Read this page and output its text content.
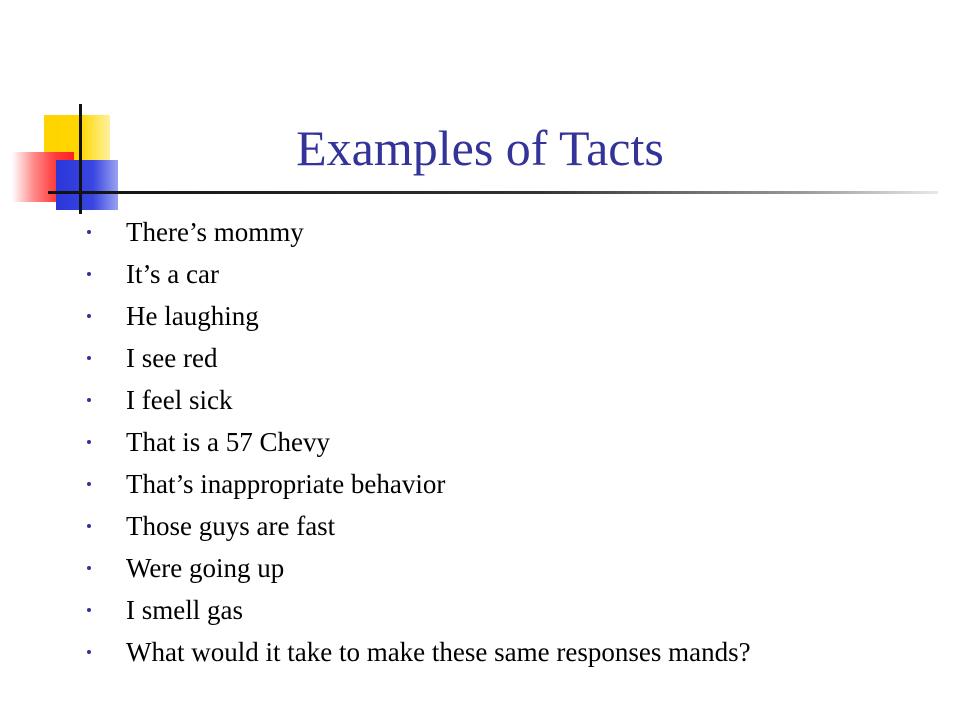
Examples of Tacts
There’s mommy
It’s a car
He laughing
I see red
I feel sick
That is a 57 Chevy
That’s inappropriate behavior
Those guys are fast
Were going up
I smell gas
What would it take to make these same responses mands?
